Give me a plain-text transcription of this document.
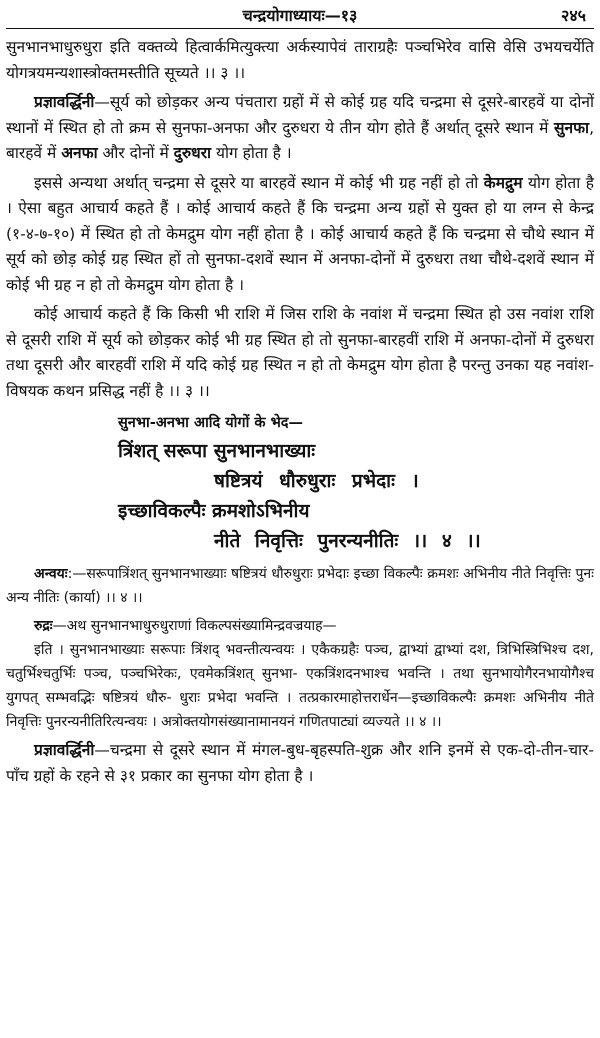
चन्द्रयोगाध्यायः—१३	२४५

सुनभानभाधुरुधुरा इति वक्तव्ये हित्वार्कमित्युक्त्या अर्कस्यापेवं ताराग्रहैः पञ्चभिरेव वासि वेसि उभयचर्येति योगत्रयमन्यशास्त्रोक्तमस्तीति सूच्यते ।। ३ ।।

प्रज्ञावर्द्धिनी—सूर्य को छोड़कर अन्य पंचतारा ग्रहों में से कोई ग्रह यदि चन्द्रमा से दूसरे-बारहवें या दोनों स्थानों में स्थित हो तो क्रम से सुनफा-अनफा और दुरुधरा ये तीन योग होते हैं अर्थात् दूसरे स्थान में सुनफा, बारहवें में अनफा और दोनों में दुरुधरा योग होता है ।

इससे अन्यथा अर्थात् चन्द्रमा से दूसरे या बारहवें स्थान में कोई भी ग्रह नहीं हो तो केमद्रुम योग होता है । ऐसा बहुत आचार्य कहते हैं । कोई आचार्य कहते हैं कि चन्द्रमा अन्य ग्रहों से युक्त हो या लग्न से केन्द्र (१-४-७-१०) में स्थित हो तो केमद्रुम योग नहीं होता है । कोई आचार्य कहते हैं कि चन्द्रमा से चौथे स्थान में सूर्य को छोड़ कोई ग्रह स्थित हों तो सुनफा-दशवें स्थान में अनफा-दोनों में दुरुधरा तथा चौथे-दशवें स्थान में कोई भी ग्रह न हो तो केमद्रुम योग होता है ।

कोई आचार्य कहते हैं कि किसी भी राशि में जिस राशि के नवांश में चन्द्रमा स्थित हो उस नवांश राशि से दूसरी राशि में सूर्य को छोड़कर कोई भी ग्रह स्थित हो तो सुनफा-बारहवीं राशि में अनफा-दोनों में दुरुधरा तथा दूसरी और बारहवीं राशि में यदि कोई ग्रह स्थित न हो तो केमद्रुम योग होता है परन्तु उनका यह नवांश-विषयक कथन प्रसिद्ध नहीं है ।। ३ ।।

सुनभा-अनभा आदि योगों के भेद—
त्रिंशत् सरूपा सुनभानभाख्याः
षष्टित्रयं धौरुधुराः प्रभेदाः ।
इच्छाविकल्पैः क्रमशोऽभिनीय
नीते निवृत्तिः पुनरन्यनीतिः ।। ४ ।।

अन्वयः:—सरूपात्रिंशत् सुनभानभाख्याः षष्टित्रयं धौरुधुराः प्रभेदाः इच्छा विकल्पैः क्रमशः अभिनीय नीते निवृत्तिः पुनः अन्य नीतिः (कार्या) ।। ४ ।।

रुद्रः—अथ सुनभानभाधुरुधुराणां विकल्पसंख्यामिन्द्रवज्रयाह—

इति । सुनभानभाख्याः सरूपाः त्रिंशद् भवन्तीत्यन्वयः । एकैकग्रहैः पञ्च, द्वाभ्यां द्वाभ्यां दश, त्रिभिस्त्रिभिश्च दश, चतुर्भिश्चतुर्भिः पञ्च, पञ्चभिरेकः, एवमेकत्रिंशत् सुनभा- एकत्रिंशदनभाश्च भवन्ति । तथा सुनभायोगैरनभायोगैश्च युगपत् सम्भवद्भिः षष्टित्रयं धौरु- धुराः प्रभेदा भवन्ति । तत्प्रकारमाहोत्तरार्धेन—इच्छाविकल्पैः क्रमशः अभिनीय नीते निवृत्तिः पुनरन्यनीतिरित्यन्वयः । अत्रोक्तयोगसंख्यानामानयनं गणितपाट्यां व्यज्यते ।। ४ ।।

प्रज्ञावर्द्धिनी—चन्द्रमा से दूसरे स्थान में मंगल-बुध-बृहस्पति-शुक्र और शनि इनमें से एक-दो-तीन-चार-पाँच ग्रहों के रहने से ३१ प्रकार का सुनफा योग होता है ।
